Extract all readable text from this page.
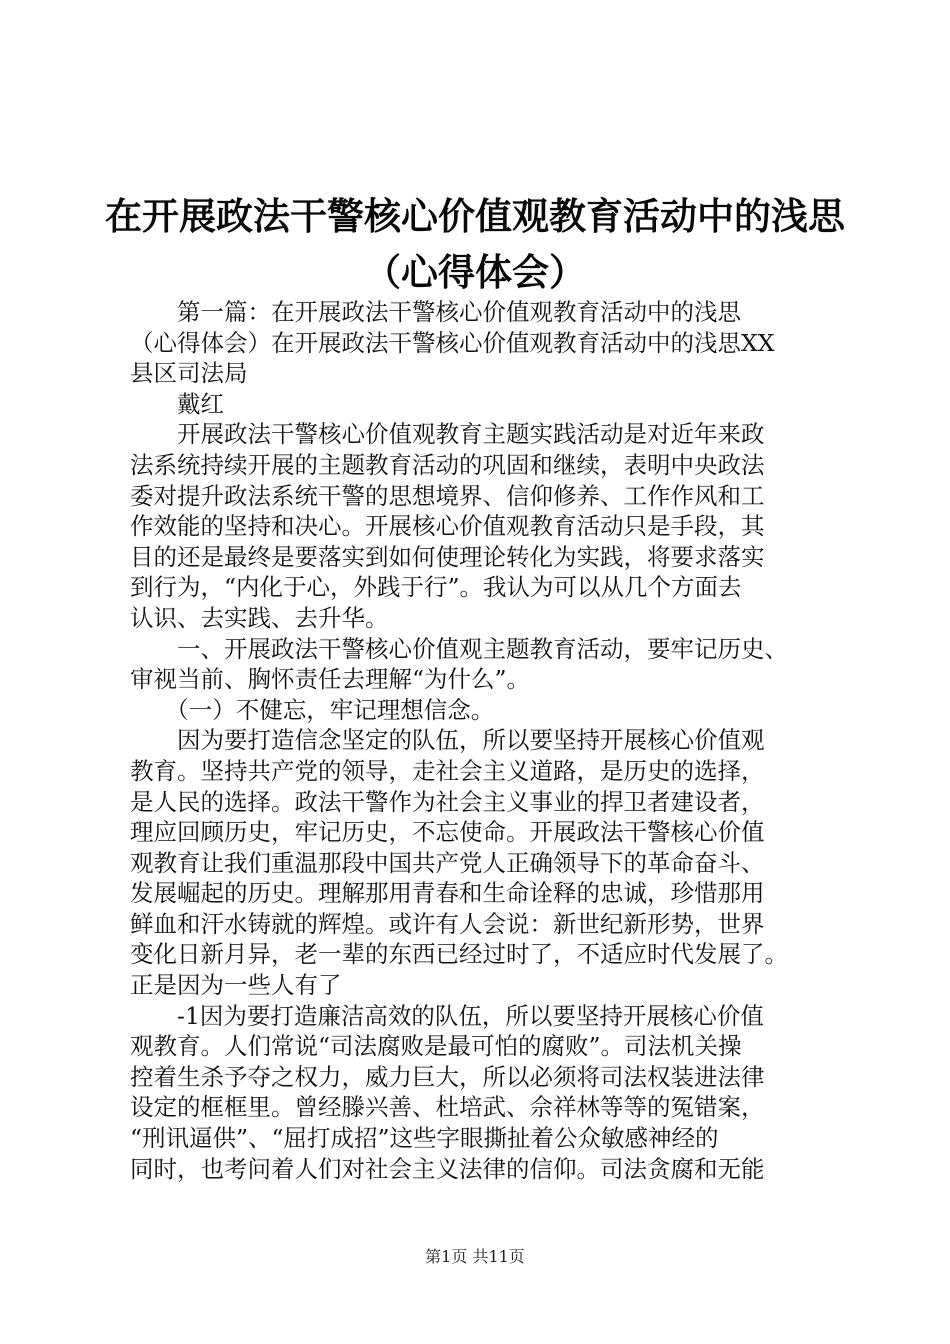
在开展政法干警核心价值观教育活动中的浅思
（心得体会）
　　第一篇：在开展政法干警核心价值观教育活动中的浅思
（心得体会）在开展政法干警核心价值观教育活动中的浅思XX
县区司法局
　　戴红
　　开展政法干警核心价值观教育主题实践活动是对近年来政
法系统持续开展的主题教育活动的巩固和继续，表明中央政法
委对提升政法系统干警的思想境界、信仰修养、工作作风和工
作效能的坚持和决心。开展核心价值观教育活动只是手段，其
目的还是最终是要落实到如何使理论转化为实践，将要求落实
到行为，“内化于心，外践于行”。我认为可以从几个方面去
认识、去实践、去升华。
　　一、开展政法干警核心价值观主题教育活动，要牢记历史、
审视当前、胸怀责任去理解“为什么”。
　　（一）不健忘，牢记理想信念。
　　因为要打造信念坚定的队伍，所以要坚持开展核心价值观
教育。坚持共产党的领导，走社会主义道路，是历史的选择，
是人民的选择。政法干警作为社会主义事业的捍卫者建设者，
理应回顾历史，牢记历史，不忘使命。开展政法干警核心价值
观教育让我们重温那段中国共产党人正确领导下的革命奋斗、
发展崛起的历史。理解那用青春和生命诠释的忠诚，珍惜那用
鲜血和汗水铸就的辉煌。或许有人会说：新世纪新形势，世界
变化日新月异，老一辈的东西已经过时了，不适应时代发展了。
正是因为一些人有了
　　-1因为要打造廉洁高效的队伍，所以要坚持开展核心价值
观教育。人们常说“司法腐败是最可怕的腐败”。司法机关操
控着生杀予夺之权力，威力巨大，所以必须将司法权装进法律
设定的框框里。曾经滕兴善、杜培武、佘祥林等等的冤错案，
“刑讯逼供”、“屈打成招”这些字眼撕扯着公众敏感神经的
同时，也考问着人们对社会主义法律的信仰。司法贪腐和无能
第1页 共11页
